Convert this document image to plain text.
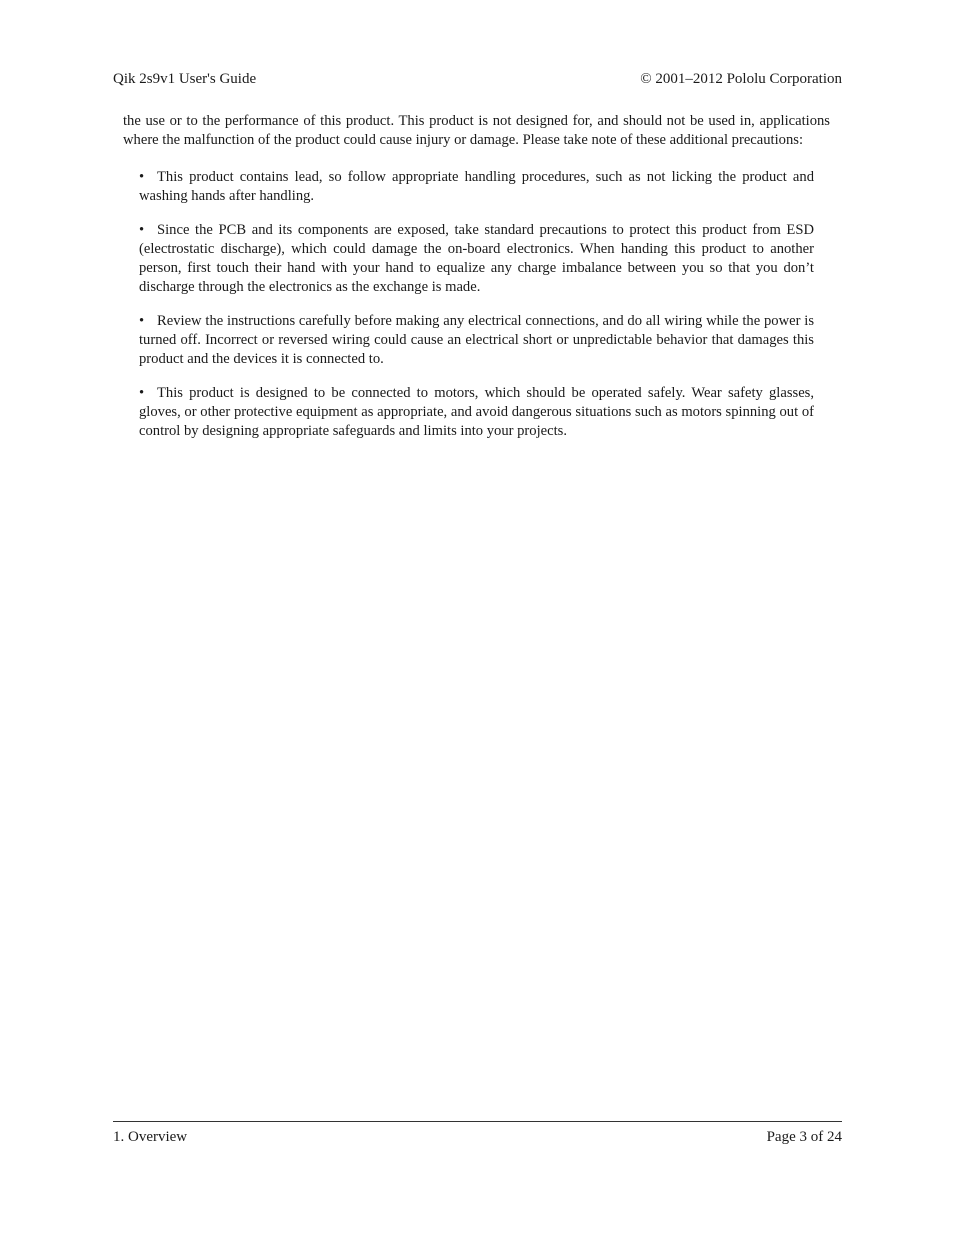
Qik 2s9v1 User's Guide	© 2001–2012 Pololu Corporation

the use or to the performance of this product. This product is not designed for, and should not be used in, applications where the malfunction of the product could cause injury or damage. Please take note of these additional precautions:

• This product contains lead, so follow appropriate handling procedures, such as not licking the product and washing hands after handling.
• Since the PCB and its components are exposed, take standard precautions to protect this product from ESD (electrostatic discharge), which could damage the on-board electronics. When handing this product to another person, first touch their hand with your hand to equalize any charge imbalance between you so that you don’t discharge through the electronics as the exchange is made.
• Review the instructions carefully before making any electrical connections, and do all wiring while the power is turned off. Incorrect or reversed wiring could cause an electrical short or unpredictable behavior that damages this product and the devices it is connected to.
• This product is designed to be connected to motors, which should be operated safely. Wear safety glasses, gloves, or other protective equipment as appropriate, and avoid dangerous situations such as motors spinning out of control by designing appropriate safeguards and limits into your projects.
1. Overview	Page 3 of 24
